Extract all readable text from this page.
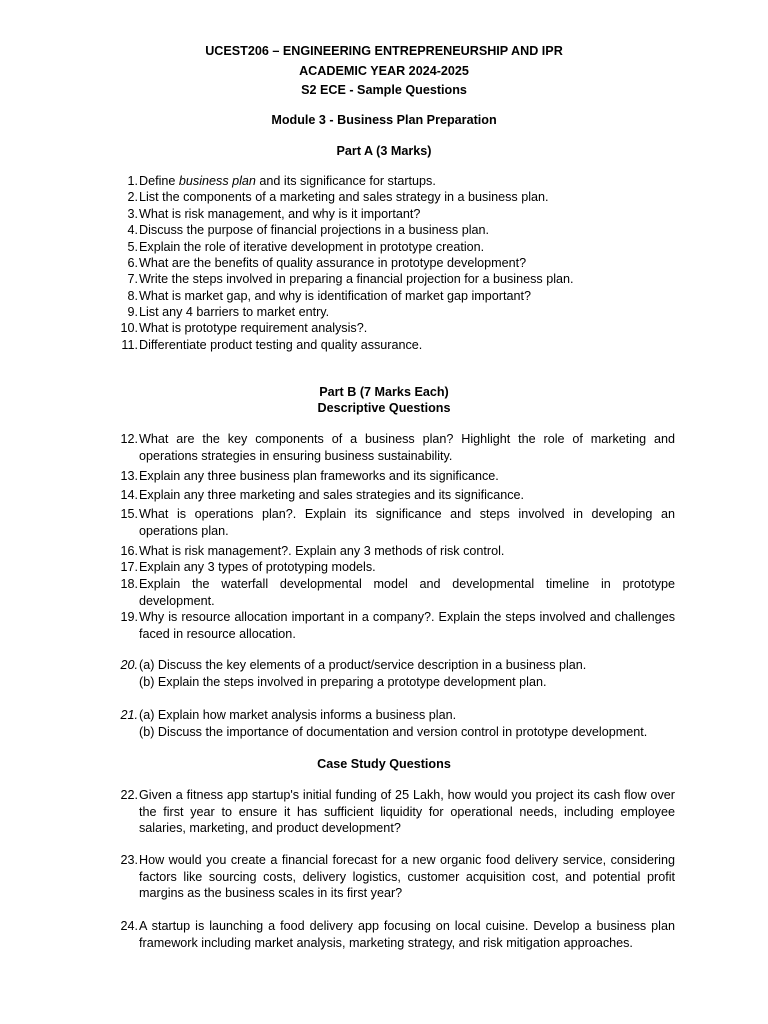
UCEST206 – ENGINEERING ENTREPRENEURSHIP AND IPR
ACADEMIC YEAR 2024-2025
S2 ECE - Sample Questions
Module 3 - Business Plan Preparation
Part A (3 Marks)
1. Define business plan and its significance for startups.
2. List the components of a marketing and sales strategy in a business plan.
3. What is risk management, and why is it important?
4. Discuss the purpose of financial projections in a business plan.
5. Explain the role of iterative development in prototype creation.
6. What are the benefits of quality assurance in prototype development?
7. Write the steps involved in preparing a financial projection for a business plan.
8. What is market gap, and why is identification of market gap important?
9. List any 4 barriers to market entry.
10. What is prototype requirement analysis?.
11. Differentiate product testing and quality assurance.
Part B (7 Marks Each)
Descriptive Questions
12. What are the key components of a business plan? Highlight the role of marketing and operations strategies in ensuring business sustainability.
13. Explain any three business plan frameworks and its significance.
14. Explain any three marketing and sales strategies and its significance.
15. What is operations plan?. Explain its significance and steps involved in developing an operations plan.
16. What is risk management?. Explain any 3 methods of risk control.
17. Explain any 3 types of prototyping models.
18. Explain the waterfall developmental model and developmental timeline in prototype development.
19. Why is resource allocation important in a company?. Explain the steps involved and challenges faced in resource allocation.
20. (a) Discuss the key elements of a product/service description in a business plan.
(b) Explain the steps involved in preparing a prototype development plan.
21. (a) Explain how market analysis informs a business plan.
(b) Discuss the importance of documentation and version control in prototype development.
Case Study Questions
22. Given a fitness app startup's initial funding of 25 Lakh, how would you project its cash flow over the first year to ensure it has sufficient liquidity for operational needs, including employee salaries, marketing, and product development?
23. How would you create a financial forecast for a new organic food delivery service, considering factors like sourcing costs, delivery logistics, customer acquisition cost, and potential profit margins as the business scales in its first year?
24. A startup is launching a food delivery app focusing on local cuisine. Develop a business plan framework including market analysis, marketing strategy, and risk mitigation approaches.
